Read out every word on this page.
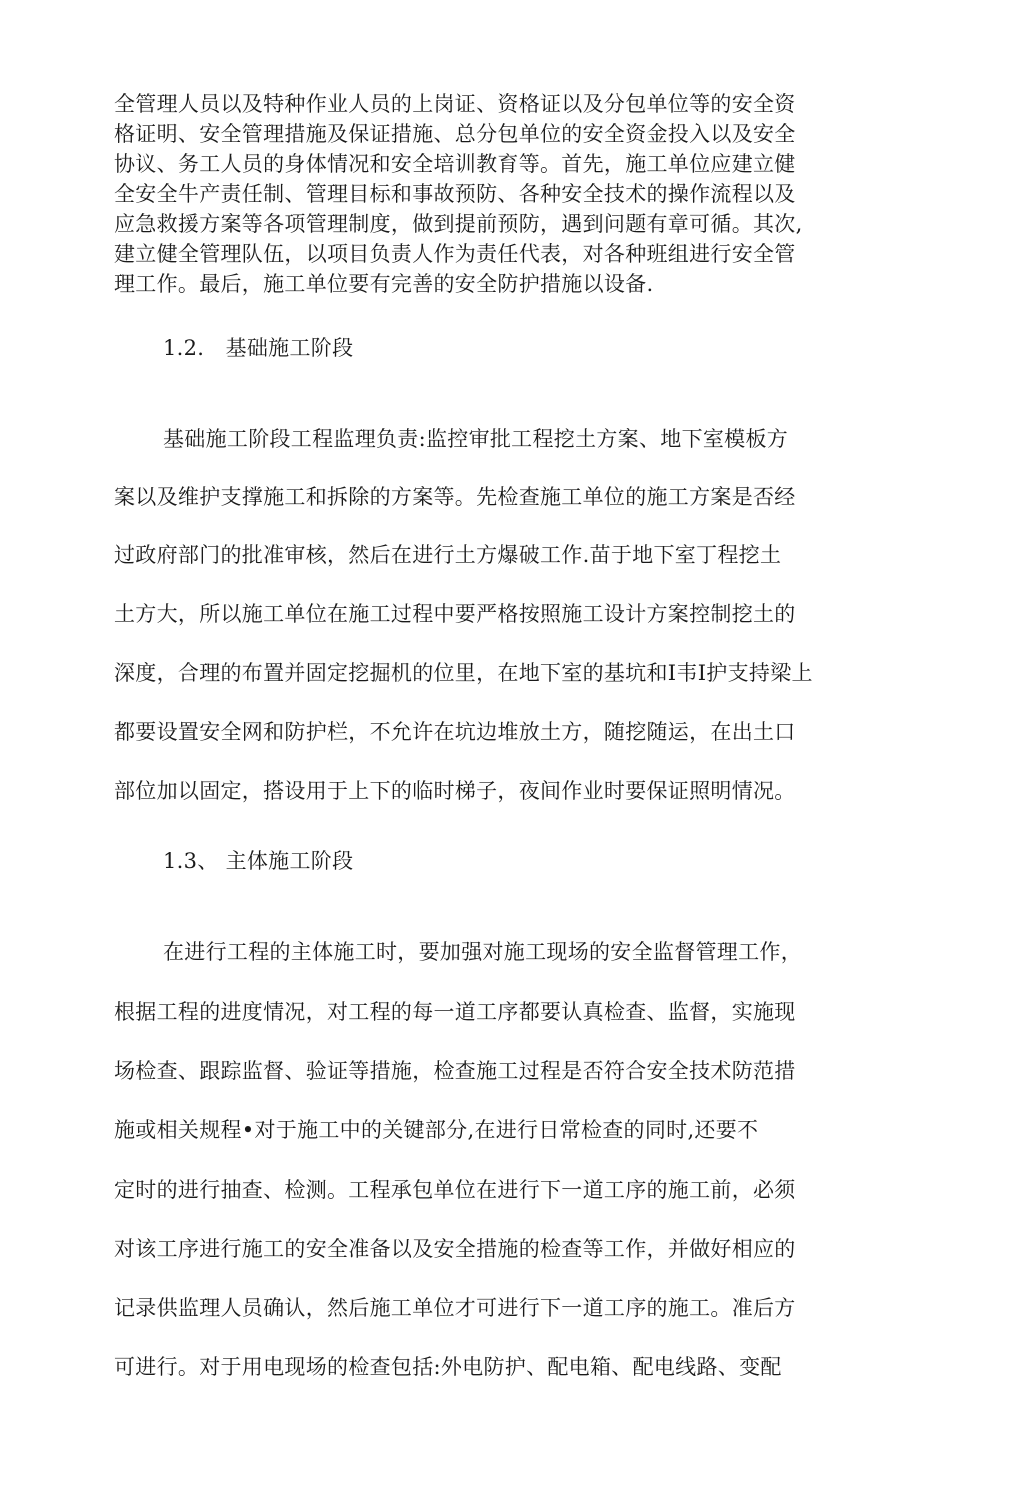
全管理人员以及特种作业人员的上岗证、资格证以及分包单位等的安全资
格证明、安全管理措施及保证措施、总分包单位的安全资金投入以及安全
协议、务工人员的身体情况和安全培训教育等。首先，施工单位应建立健
全安全牛产责任制、管理目标和事故预防、各种安全技术的操作流程以及
应急救援方案等各项管理制度，做到提前预防，遇到问题有章可循。其次,
建立健全管理队伍，以项目负责人作为责任代表，对各种班组进行安全管
理工作。最后，施工单位要有完善的安全防护措施以设备.
1.2.　基础施工阶段
基础施工阶段工程监理负责:监控审批工程挖土方案、地下室模板方
案以及维护支撑施工和拆除的方案等。先检查施工单位的施工方案是否经
过政府部门的批准审核，然后在进行土方爆破工作.苗于地下室丁程挖土
土方大，所以施工单位在施工过程中要严格按照施工设计方案控制挖土的
深度，合理的布置并固定挖掘机的位里，在地下室的基坑和I韦I护支持梁上
都要设置安全网和防护栏，不允许在坑边堆放土方，随挖随运，在出土口
部位加以固定，搭设用于上下的临时梯子，夜间作业时要保证照明情况。
1.3、 主体施工阶段
在进行工程的主体施工时，要加强对施工现场的安全监督管理工作，
根据工程的进度情况，对工程的每一道工序都要认真检查、监督，实施现
场检查、跟踪监督、验证等措施，检查施工过程是否符合安全技术防范措
施或相关规程•对于施工中的关键部分,在进行日常检查的同时,还要不
定时的进行抽查、检测。工程承包单位在进行下一道工序的施工前，必须
对该工序进行施工的安全准备以及安全措施的检查等工作，并做好相应的
记录供监理人员确认，然后施工单位才可进行下一道工序的施工。准后方
可进行。对于用电现场的检查包括:外电防护、配电箱、配电线路、变配
